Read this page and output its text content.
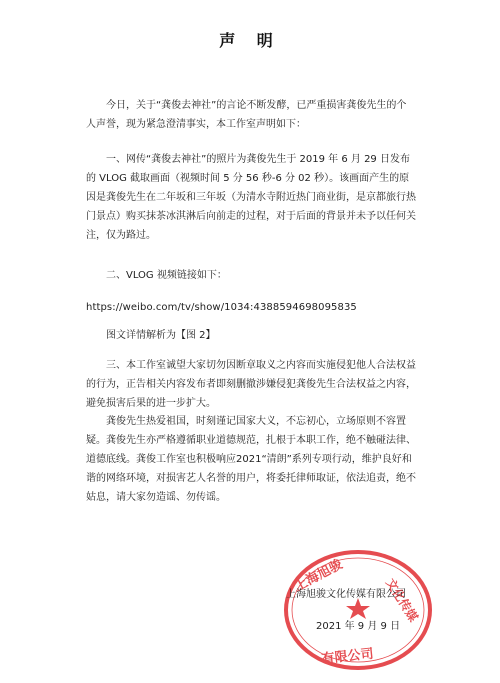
声 明

今日，关于“龚俊去神社”的言论不断发酵，已严重损害龚俊先生的个人声誉，现为紧急澄清事实，本工作室声明如下：

一、网传“龚俊去神社”的照片为龚俊先生于 2019 年 6 月 29 日发布的 VLOG 截取画面（视频时间 5 分 56 秒-6 分 02 秒）。该画面产生的原因是龚俊先生在二年坂和三年坂（为清水寺附近热门商业街，是京都旅行热门景点）购买抹茶冰淇淋后向前走的过程，对于后面的背景并未予以任何关注，仅为路过。

二、VLOG 视频链接如下：

https://weibo.com/tv/show/1034:4388594698095835

图文详情解析为【图 2】

三、本工作室诚望大家切勿因断章取义之内容而实施侵犯他人合法权益的行为，正告相关内容发布者即刻删撤涉嫌侵犯龚俊先生合法权益之内容，避免损害后果的进一步扩大。

龚俊先生热爱祖国，时刻谨记国家大义，不忘初心，立场原则不容置疑。龚俊先生亦严格遵循职业道德规范，扎根于本职工作，绝不触碰法律、道德底线。龚俊工作室也积极响应2021“清朗”系列专项行动，维护良好和谐的网络环境，对损害艺人名誉的用户，将委托律师取证，依法追责，绝不姑息，请大家勿造谣、勿传谣。

上海旭骏
文化传媒
有限公司
上海旭骏文化传媒有限公司
2021 年 9 月 9 日
